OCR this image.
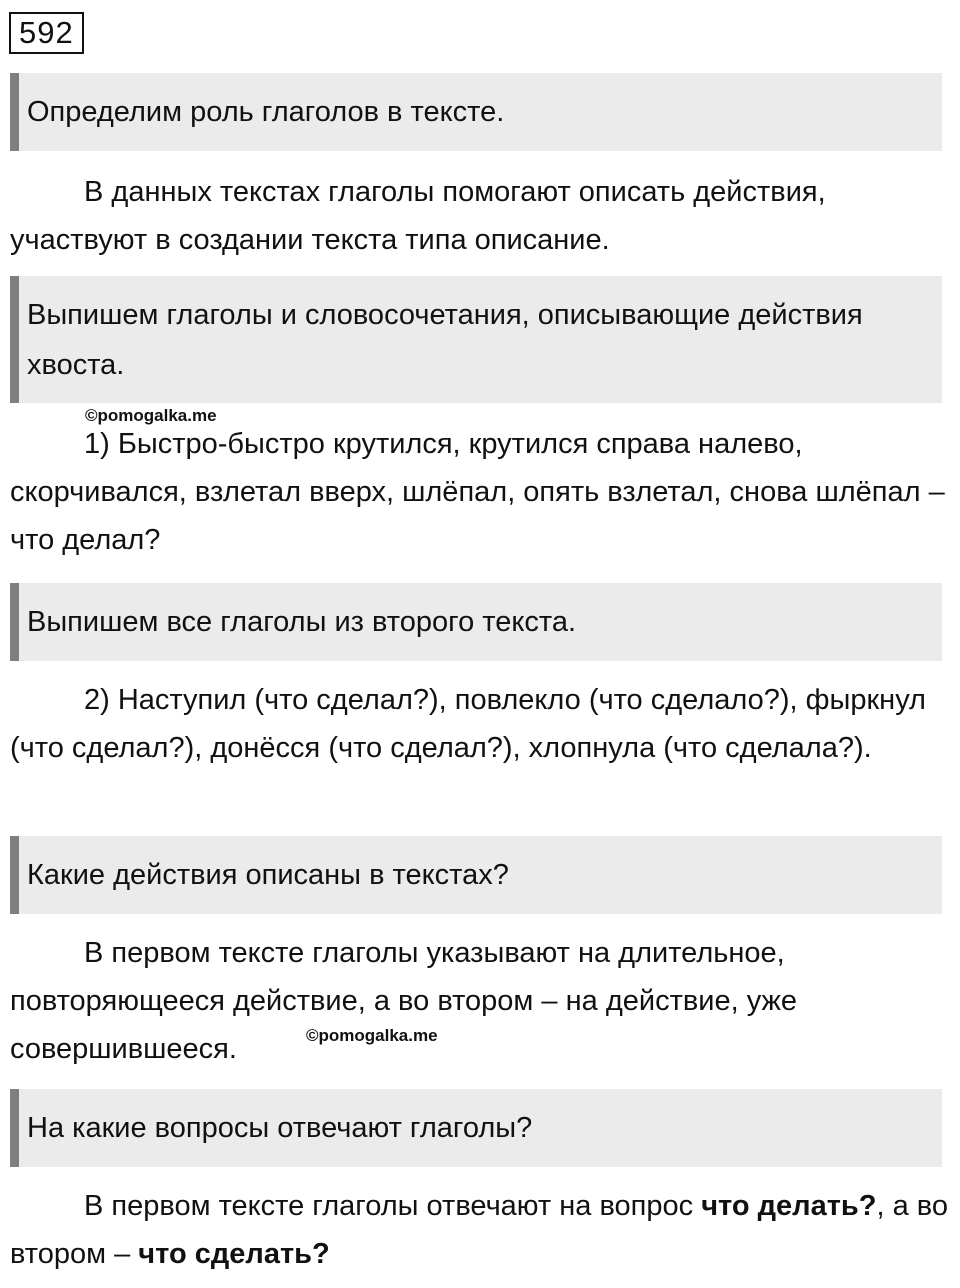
592
Определим роль глаголов в тексте.

В данных текстах глаголы помогают описать действия, участвуют в создании текста типа описание.

Выпишем глаголы и словосочетания, описывающие действия хвоста.
©pomogalka.me

1) Быстро-быстро крутился, крутился справа налево, скорчивался, взлетал вверх, шлёпал, опять взлетал, снова шлёпал – что делал?

Выпишем все глаголы из второго текста.

2) Наступил (что сделал?), повлекло (что сделало?), фыркнул (что сделал?), донёсся (что сделал?), хлопнула (что сделала?).

Какие действия описаны в текстах?

В первом тексте глаголы указывают на длительное, повторяющееся действие, а во втором – на действие, уже совершившееся.	©pomogalka.me
На какие вопросы отвечают глаголы?

В первом тексте глаголы отвечают на вопрос что делать?, а во втором – что сделать?
